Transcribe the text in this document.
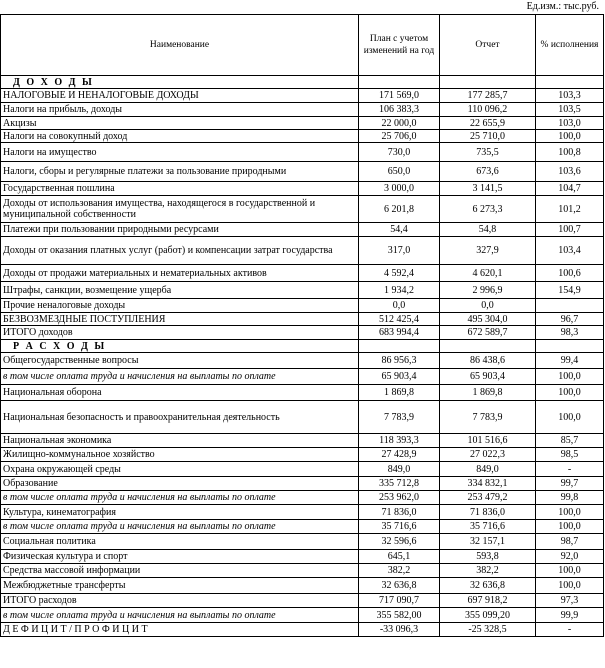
Ед.изм.: тыс.руб.
Наименование	План с учетом изменений на год	Отчет	% исполнения
Д О Х О Д Ы			
НАЛОГОВЫЕ И НЕНАЛОГОВЫЕ ДОХОДЫ	171 569,0	177 285,7	103,3
Налоги на прибыль, доходы	106 383,3	110 096,2	103,5
Акцизы	22 000,0	22 655,9	103,0
Налоги на совокупный доход	25 706,0	25 710,0	100,0
Налоги на имущество	730,0	735,5	100,8
Налоги, сборы и регулярные платежи за пользование природными	650,0	673,6	103,6
Государственная пошлина	3 000,0	3 141,5	104,7
Доходы от использования имущества, находящегося в государственной и муниципальной собственности	6 201,8	6 273,3	101,2
Платежи при пользовании природными ресурсами	54,4	54,8	100,7
Доходы от оказания платных услуг (работ) и компенсации затрат государства	317,0	327,9	103,4
Доходы от продажи материальных и нематериальных активов	4 592,4	4 620,1	100,6
Штрафы, санкции, возмещение ущерба	1 934,2	2 996,9	154,9
Прочие неналоговые доходы	0,0	0,0	
БЕЗВОЗМЕЗДНЫЕ ПОСТУПЛЕНИЯ	512 425,4	495 304,0	96,7
ИТОГО доходов	683 994,4	672 589,7	98,3
Р А С Х О Д Ы			
Общегосударственные вопросы	86 956,3	86 438,6	99,4
в том числе оплата труда и начисления на выплаты по оплате	65 903,4	65 903,4	100,0
Национальная оборона	1 869,8	1 869,8	100,0
Национальная безопасность и правоохранительная деятельность	7 783,9	7 783,9	100,0
Национальная экономика	118 393,3	101 516,6	85,7
Жилищно-коммунальное хозяйство	27 428,9	27 022,3	98,5
Охрана окружающей среды	849,0	849,0	-
Образование	335 712,8	334 832,1	99,7
в том числе оплата труда и начисления на выплаты по оплате	253 962,0	253 479,2	99,8
Культура, кинематография	71 836,0	71 836,0	100,0
в том числе оплата труда и начисления на выплаты по оплате	35 716,6	35 716,6	100,0
Социальная политика	32 596,6	32 157,1	98,7
Физическая культура и спорт	645,1	593,8	92,0
Средства массовой информации	382,2	382,2	100,0
Межбюджетные трансферты	32 636,8	32 636,8	100,0
ИТОГО расходов	717 090,7	697 918,2	97,3
в том числе оплата труда и начисления на выплаты по оплате	355 582,00	355 099,20	99,9
Д Е Ф И Ц И Т / П Р О Ф И Ц И Т	-33 096,3	-25 328,5	-
